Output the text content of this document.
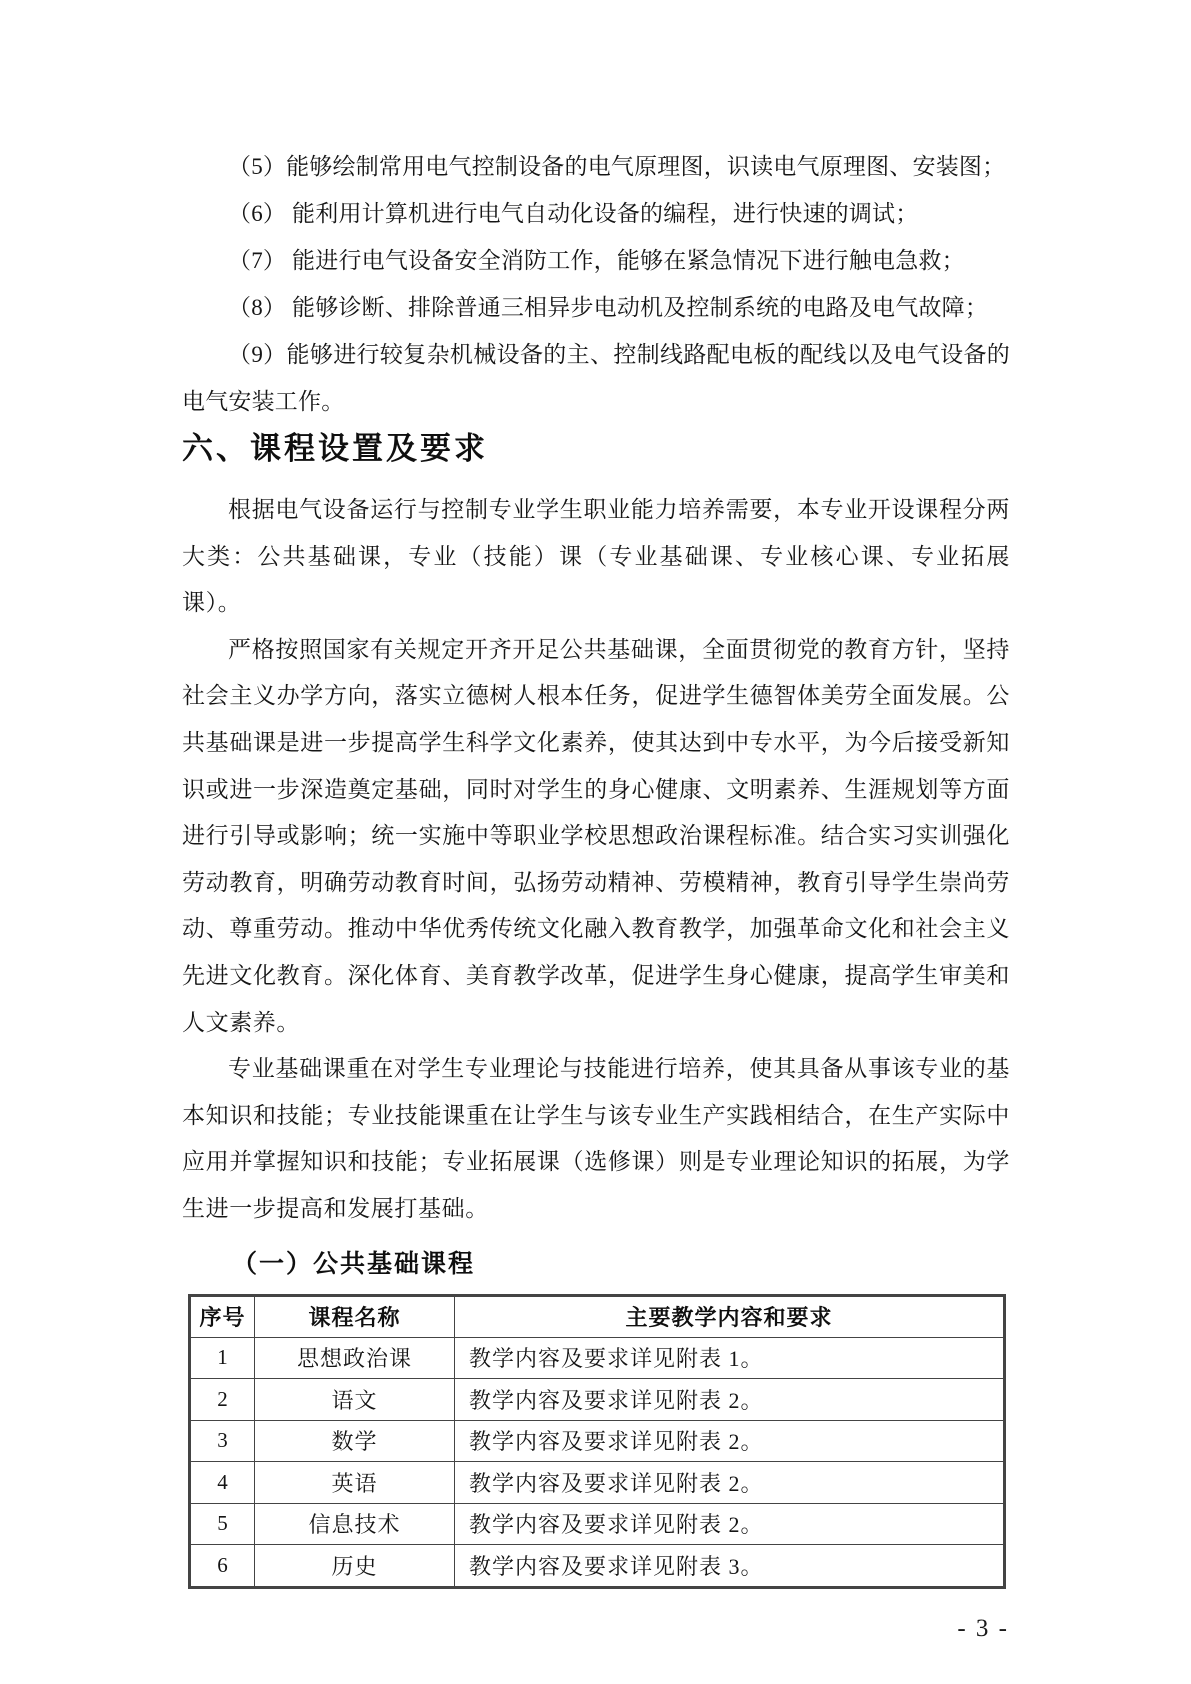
（5）能够绘制常用电气控制设备的电气原理图，识读电气原理图、安装图；

（6） 能利用计算机进行电气自动化设备的编程，进行快速的调试；

（7） 能进行电气设备安全消防工作，能够在紧急情况下进行触电急救；

（8） 能够诊断、排除普通三相异步电动机及控制系统的电路及电气故障；

（9）能够进行较复杂机械设备的主、控制线路配电板的配线以及电气设备的电气安装工作。

六、课程设置及要求

根据电气设备运行与控制专业学生职业能力培养需要，本专业开设课程分两大类：公共基础课，专业（技能）课（专业基础课、专业核心课、专业拓展课）。

严格按照国家有关规定开齐开足公共基础课，全面贯彻党的教育方针，坚持社会主义办学方向，落实立德树人根本任务，促进学生德智体美劳全面发展。公共基础课是进一步提高学生科学文化素养，使其达到中专水平，为今后接受新知识或进一步深造奠定基础，同时对学生的身心健康、文明素养、生涯规划等方面进行引导或影响；统一实施中等职业学校思想政治课程标准。结合实习实训强化劳动教育，明确劳动教育时间，弘扬劳动精神、劳模精神，教育引导学生崇尚劳动、尊重劳动。推动中华优秀传统文化融入教育教学，加强革命文化和社会主义先进文化教育。深化体育、美育教学改革，促进学生身心健康，提高学生审美和人文素养。

专业基础课重在对学生专业理论与技能进行培养，使其具备从事该专业的基本知识和技能；专业技能课重在让学生与该专业生产实践相结合，在生产实际中应用并掌握知识和技能；专业拓展课（选修课）则是专业理论知识的拓展，为学生进一步提高和发展打基础。

（一）公共基础课程
序号	课程名称	主要教学内容和要求
1	思想政治课	教学内容及要求详见附表 1。
2	语文	教学内容及要求详见附表 2。
3	数学	教学内容及要求详见附表 2。
4	英语	教学内容及要求详见附表 2。
5	信息技术	教学内容及要求详见附表 2。
6	历史	教学内容及要求详见附表 3。
- 3 -
